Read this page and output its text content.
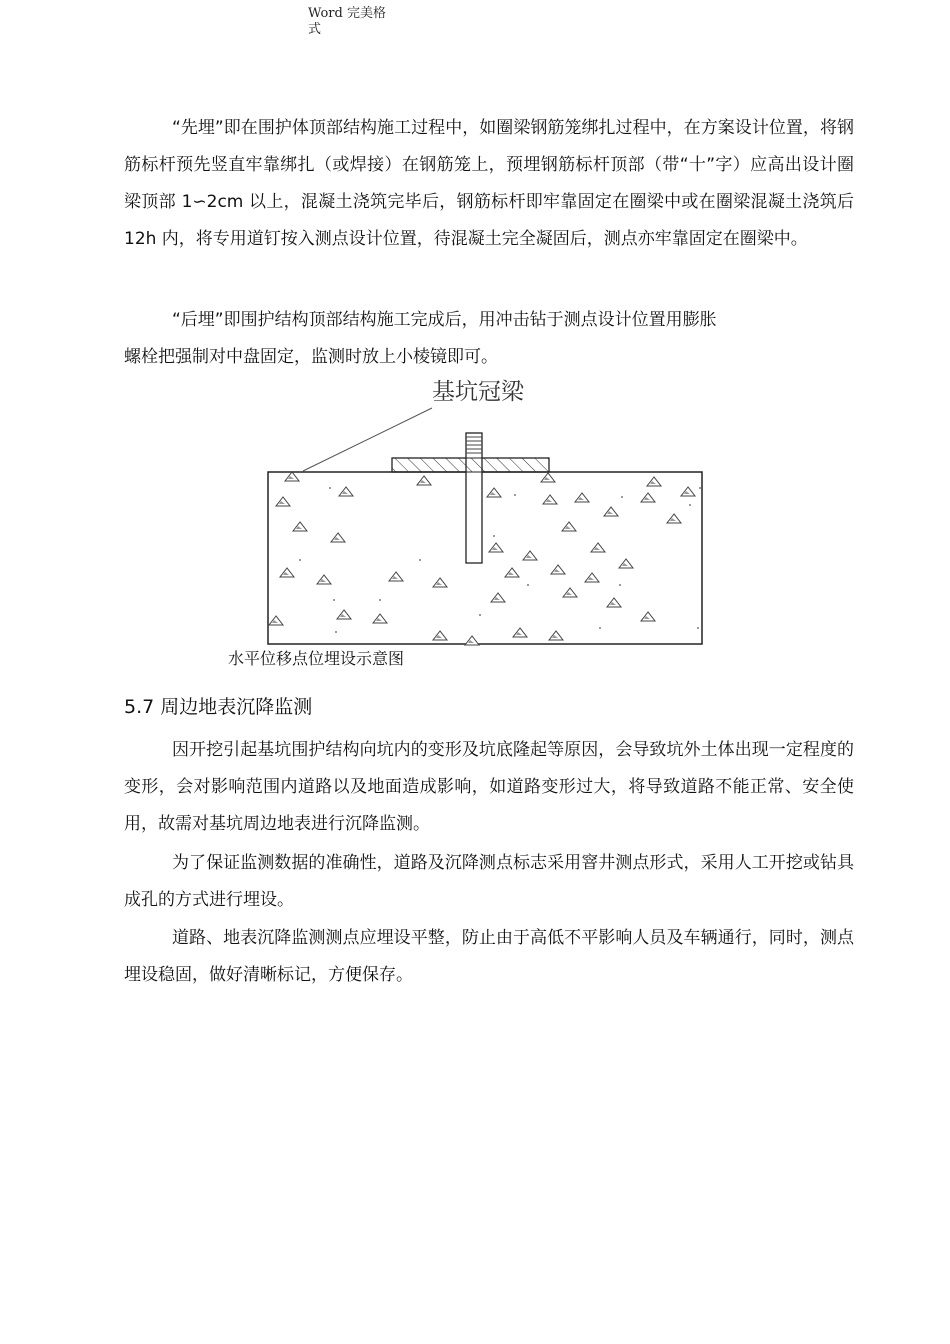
Word 完美格
式
“先埋”即在围护体顶部结构施工过程中，如圈梁钢筋笼绑扎过程中，在方案设计位置，将钢筋标杆预先竖直牢靠绑扎（或焊接）在钢筋笼上，预埋钢筋标杆顶部（带“十”字）应高出设计圈梁顶部 1∽2cm 以上，混凝土浇筑完毕后，钢筋标杆即牢靠固定在圈梁中或在圈梁混凝土浇筑后 12h 内，将专用道钉按入测点设计位置，待混凝土完全凝固后，测点亦牢靠固定在圈梁中。
“后埋”即围护结构顶部结构施工完成后，用冲击钻于测点设计位置用膨胀
螺栓把强制对中盘固定，监测时放上小棱镜即可。
基坑冠梁
水平位移点位埋设示意图
5.7 周边地表沉降监测
因开挖引起基坑围护结构向坑内的变形及坑底隆起等原因，会导致坑外土体出现一定程度的变形，会对影响范围内道路以及地面造成影响，如道路变形过大，将导致道路不能正常、安全使用，故需对基坑周边地表进行沉降监测。
为了保证监测数据的准确性，道路及沉降测点标志采用窨井测点形式，采用人工开挖或钻具成孔的方式进行埋设。
道路、地表沉降监测测点应埋设平整，防止由于高低不平影响人员及车辆通行，同时，测点埋设稳固，做好清晰标记，方便保存。
